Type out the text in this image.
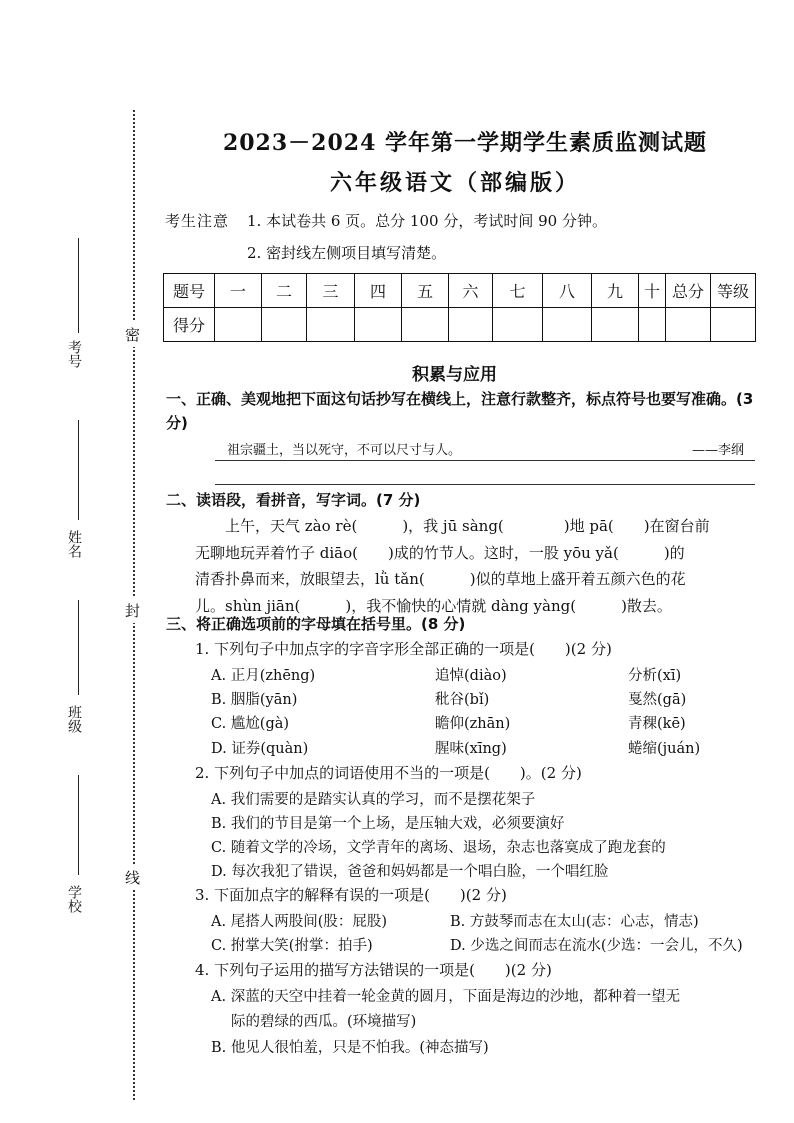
密
封
线
考号
姓名
班级
学校
2023－2024 学年第一学期学生素质监测试题
六年级语文（部编版）
考生注意 1. 本试卷共 6 页。总分 100 分，考试时间 90 分钟。
2. 密封线左侧项目填写清楚。
题号	一	二	三	四	五	六	七	八	九	十	总分	等级
得分												
积累与应用
一、正确、美观地把下面这句话抄写在横线上，注意行款整齐，标点符号也要写准确。(3 分)
祖宗疆土，当以死守，不可以尺寸与人。	——李纲
二、读语段，看拼音，写字词。(7 分)
上午，天气 zào rè(　　　)，我 jū sàng(　　　　)地 pā(　　)在窗台前
无聊地玩弄着竹子 diāo(　　)成的竹节人。这时，一股 yōu yǎ(　　　)的
清香扑鼻而来，放眼望去，lǜ tǎn(　　　)似的草地上盛开着五颜六色的花
儿。shùn jiān(　　　)，我不愉快的心情就 dàng yàng(　　　)散去。
三、将正确选项前的字母填在括号里。(8 分)
1. 下列句子中加点字的字音字形全部正确的一项是(　　)(2 分)
A. 正月(zhēng)	追悼(diào)	分析(xī)
B. 胭脂(yān)	秕谷(bǐ)	戛然(gā)
C. 尴尬(gà)	瞻仰(zhān)	青稞(kē)
D. 证券(quàn)	腥味(xīng)	蜷缩(juán)
2. 下列句子中加点的词语使用不当的一项是(　　)。(2 分)
A. 我们需要的是踏实认真的学习，而不是摆花架子
B. 我们的节目是第一个上场，是压轴大戏，必须要演好
C. 随着文学的冷场，文学青年的离场、退场，杂志也落寞成了跑龙套的
D. 每次我犯了错误，爸爸和妈妈都是一个唱白脸，一个唱红脸
3. 下面加点字的解释有误的一项是(　　)(2 分)
A. 尾搭人两股间(股：屁股)	B. 方鼓琴而志在太山(志：心志，情志)
C. 拊掌大笑(拊掌：拍手)	D. 少选之间而志在流水(少选：一会儿，不久)
4. 下列句子运用的描写方法错误的一项是(　　)(2 分)
A. 深蓝的天空中挂着一轮金黄的圆月，下面是海边的沙地，都种着一望无
际的碧绿的西瓜。(环境描写)
B. 他见人很怕羞，只是不怕我。(神态描写)
